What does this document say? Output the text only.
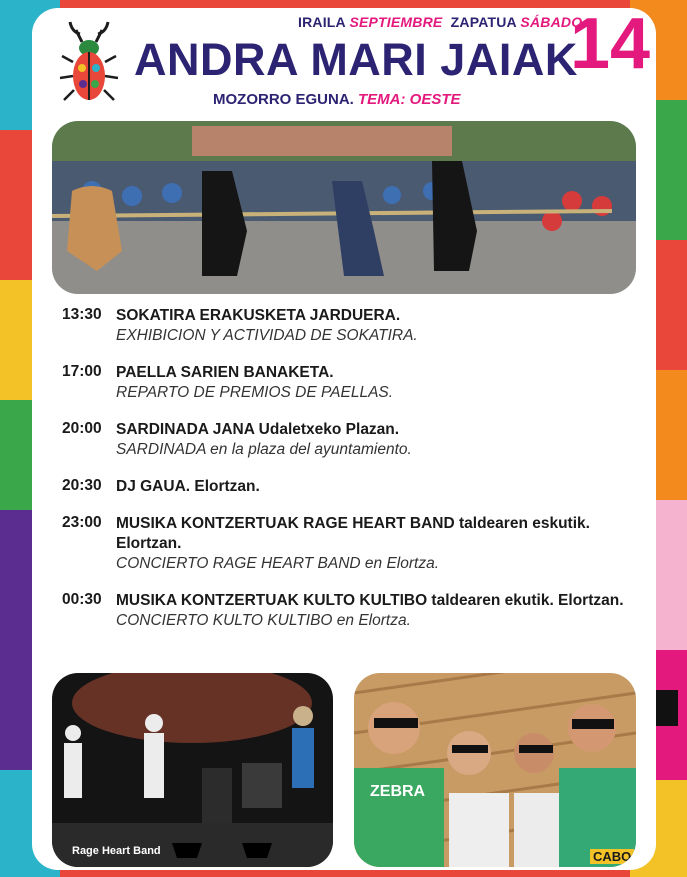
IRAILA SEPTIEMBRE ZAPATUA SÁBADO
14
ANDRA MARI JAIAK
MOZORRO EGUNA. TEMA: OESTE
13:30 SOKATIRA ERAKUSKETA JARDUERA.
EXHIBICION Y ACTIVIDAD DE SOKATIRA.
17:00 PAELLA SARIEN BANAKETA.
REPARTO DE PREMIOS DE PAELLAS.
20:00 SARDINADA JANA Udaletxeko Plazan.
SARDINADA en la plaza del ayuntamiento.
20:30 DJ GAUA. Elortzan.
23:00 MUSIKA KONTZERTUAK RAGE HEART BAND taldearen eskutik. Elortzan.
CONCIERTO RAGE HEART BAND en Elortza.
00:30 MUSIKA KONTZERTUAK KULTO KULTIBO taldearen ekutik. Elortzan.
CONCIERTO KULTO KULTIBO en Elortza.
Rage Heart Band
ZEBRA
CABO
